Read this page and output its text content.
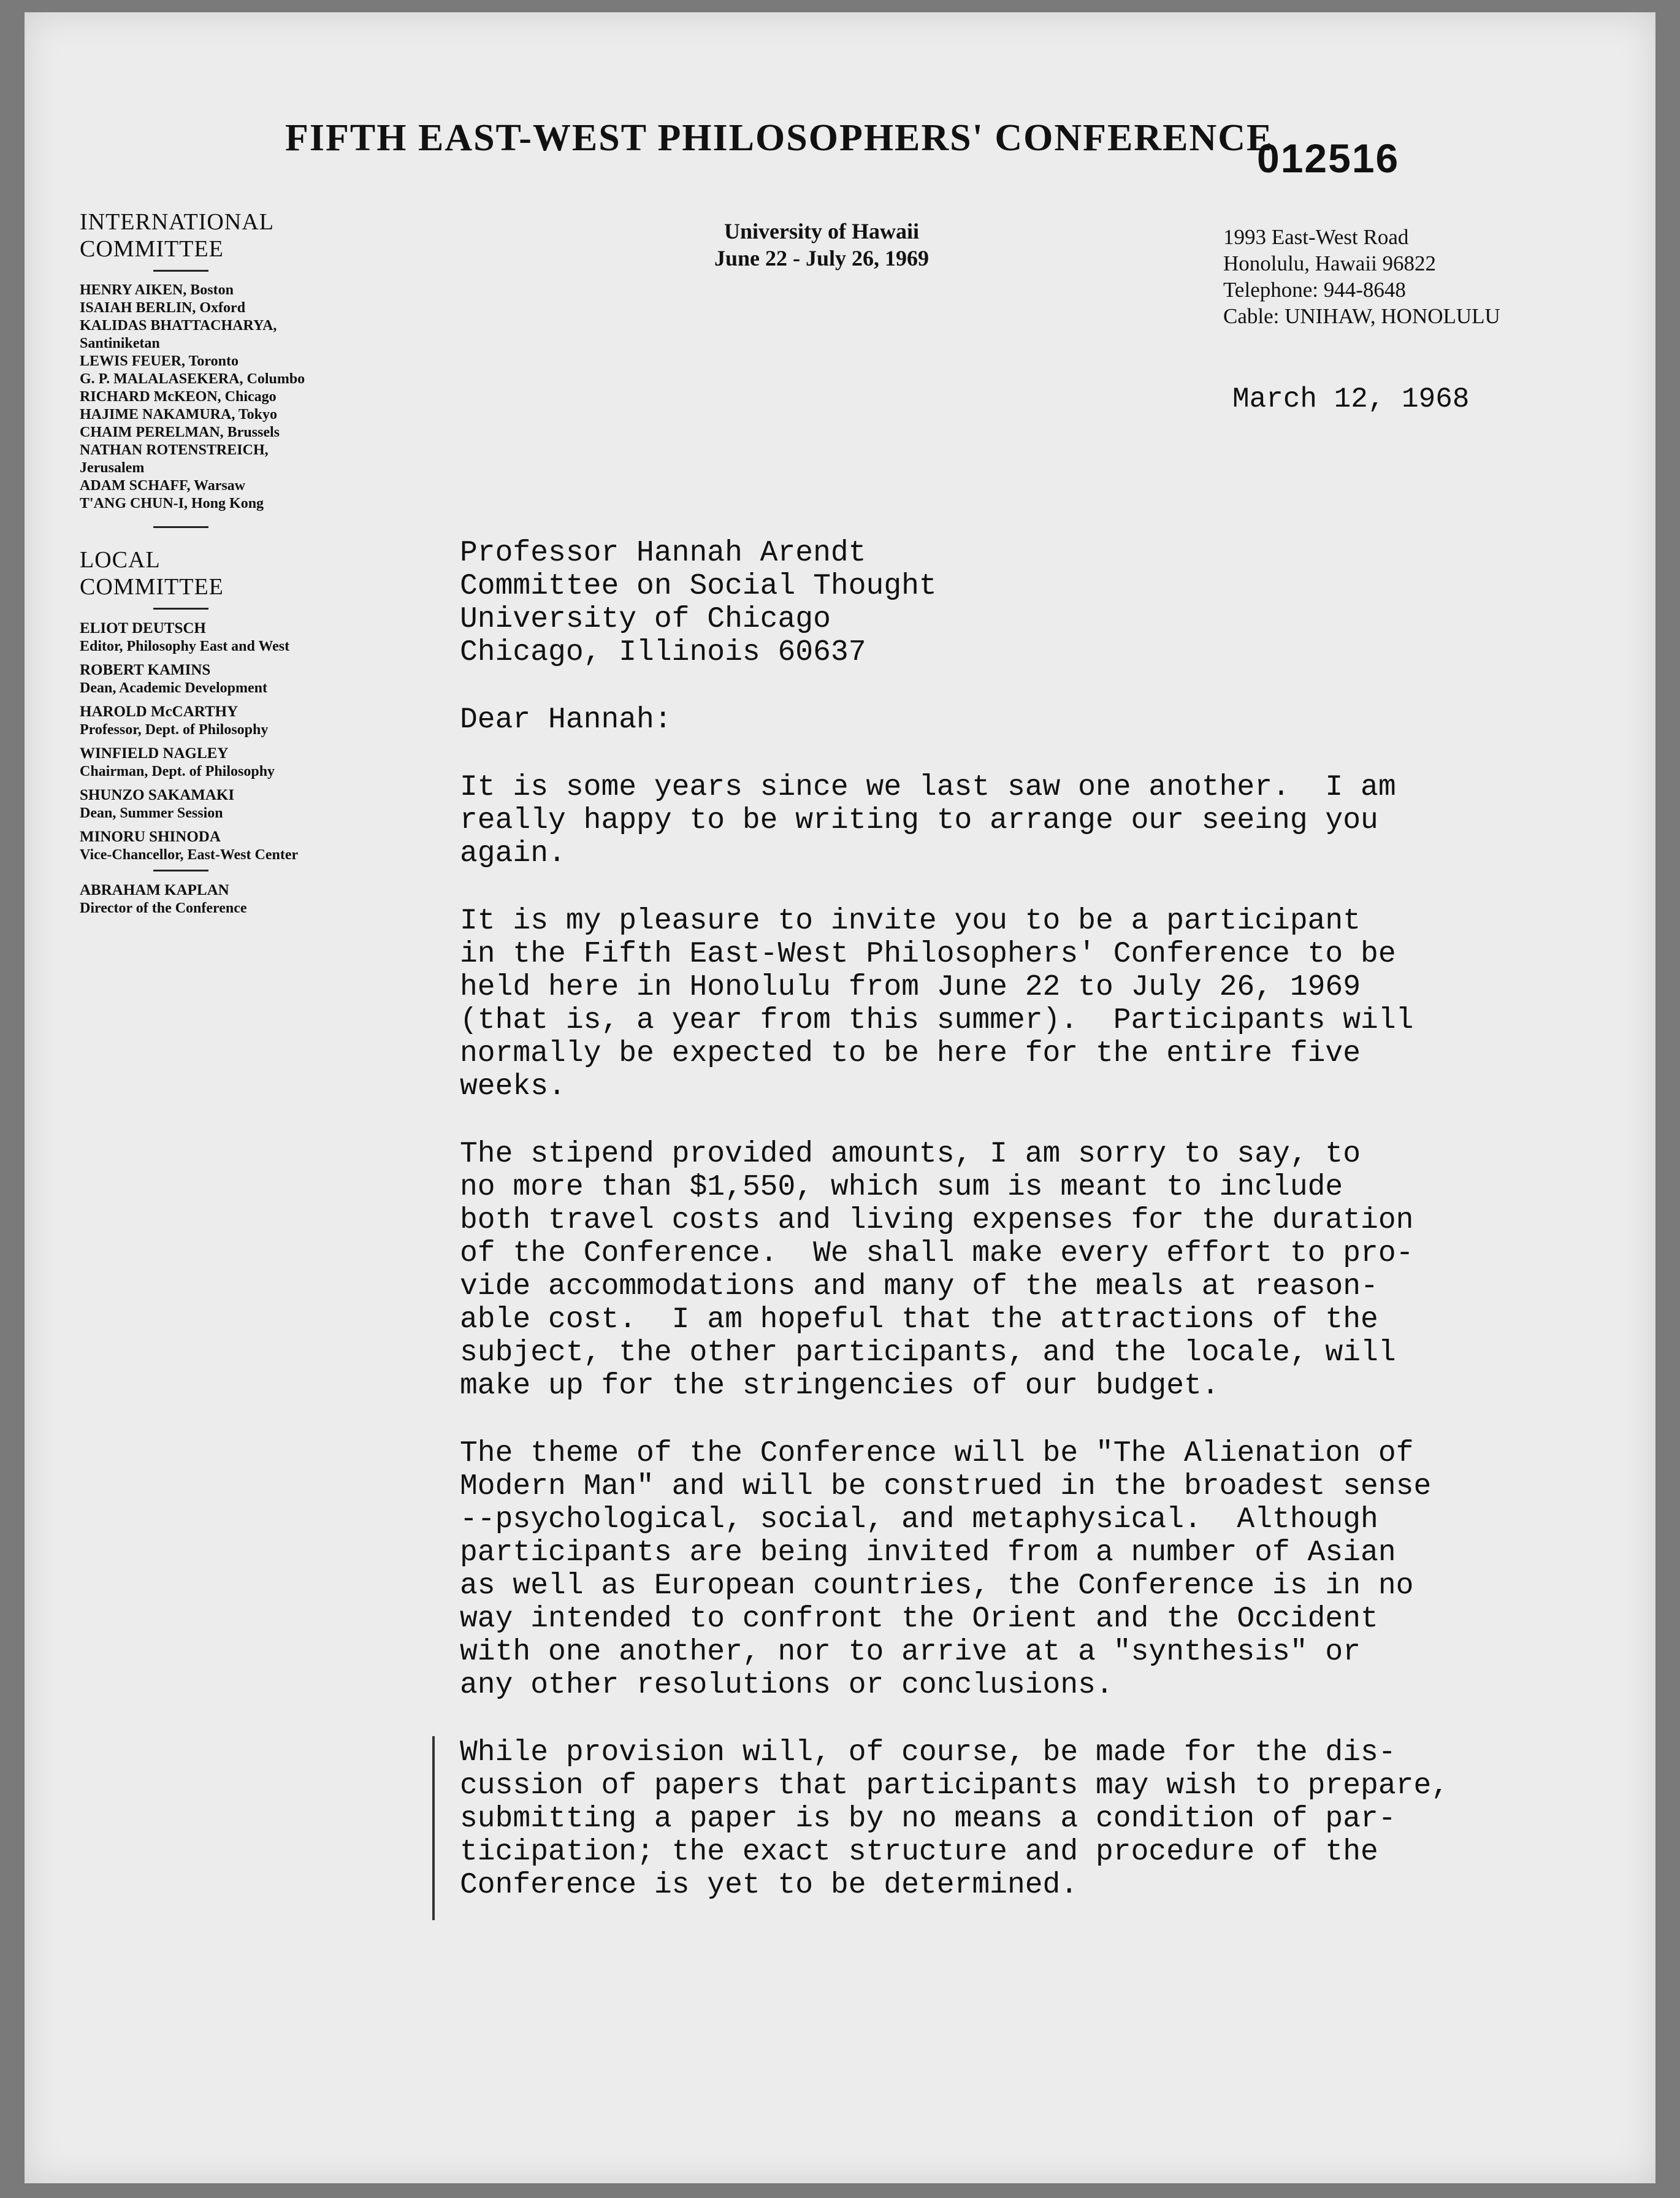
012516
FIFTH EAST-WEST PHILOSOPHERS' CONFERENCE
University of Hawaii
June 22 - July 26, 1969
1993 East-West Road
Honolulu, Hawaii 96822
Telephone: 944-8648
Cable: UNIHAW, HONOLULU
INTERNATIONAL
COMMITTEE
HENRY AIKEN, Boston
ISAIAH BERLIN, Oxford
KALIDAS BHATTACHARYA,
Santiniketan
LEWIS FEUER, Toronto
G. P. MALALASEKERA, Columbo
RICHARD McKEON, Chicago
HAJIME NAKAMURA, Tokyo
CHAIM PERELMAN, Brussels
NATHAN ROTENSTREICH,
Jerusalem
ADAM SCHAFF, Warsaw
T'ANG CHUN-I, Hong Kong
LOCAL
COMMITTEE
ELIOT DEUTSCH
Editor, Philosophy East and West
ROBERT KAMINS
Dean, Academic Development
HAROLD McCARTHY
Professor, Dept. of Philosophy
WINFIELD NAGLEY
Chairman, Dept. of Philosophy
SHUNZO SAKAMAKI
Dean, Summer Session
MINORU SHINODA
Vice-Chancellor, East-West Center
ABRAHAM KAPLAN
Director of the Conference
March 12, 1968
Professor Hannah Arendt
Committee on Social Thought
University of Chicago
Chicago, Illinois 60637
Dear Hannah:
It is some years since we last saw one another.  I am
really happy to be writing to arrange our seeing you
again.
It is my pleasure to invite you to be a participant
in the Fifth East-West Philosophers' Conference to be
held here in Honolulu from June 22 to July 26, 1969
(that is, a year from this summer).  Participants will
normally be expected to be here for the entire five
weeks.
The stipend provided amounts, I am sorry to say, to
no more than $1,550, which sum is meant to include
both travel costs and living expenses for the duration
of the Conference.  We shall make every effort to pro-
vide accommodations and many of the meals at reason-
able cost.  I am hopeful that the attractions of the
subject, the other participants, and the locale, will
make up for the stringencies of our budget.
The theme of the Conference will be "The Alienation of
Modern Man" and will be construed in the broadest sense
--psychological, social, and metaphysical.  Although
participants are being invited from a number of Asian
as well as European countries, the Conference is in no
way intended to confront the Orient and the Occident
with one another, nor to arrive at a "synthesis" or
any other resolutions or conclusions.
While provision will, of course, be made for the dis-
cussion of papers that participants may wish to prepare,
submitting a paper is by no means a condition of par-
ticipation; the exact structure and procedure of the
Conference is yet to be determined.
